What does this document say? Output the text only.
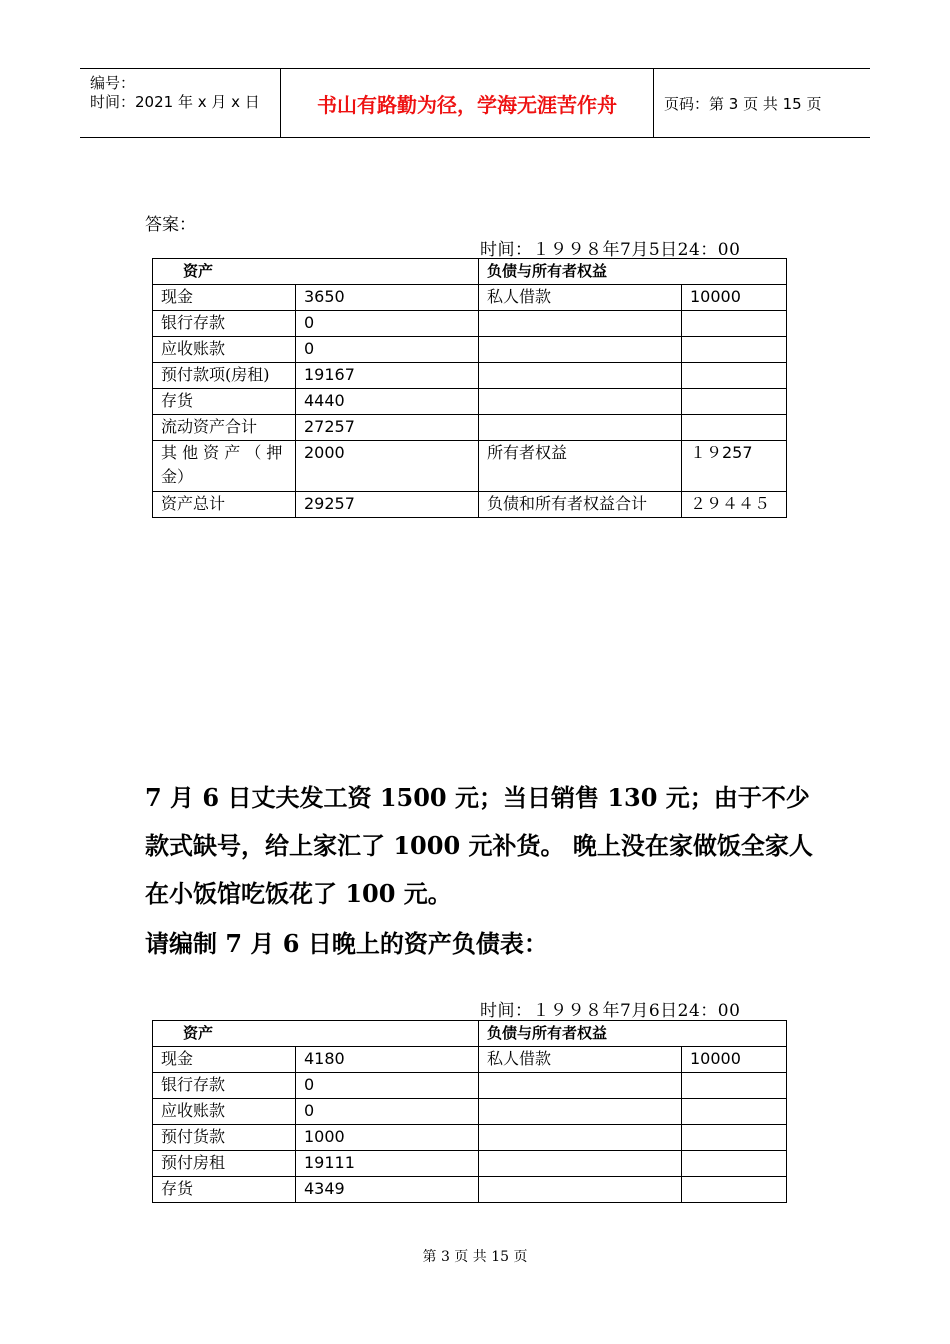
编号：
时间：2021 年 x 月 x 日	书山有路勤为径，学海无涯苦作舟	页码：第 3 页 共 15 页
答案：
时间：１９９８年7月5日24：00
资产		负债与所有者权益	
现金	3650	私人借款	10000
银行存款	0		
应收账款	0		
预付款项(房租)	19167		
存货	4440		
流动资产合计	27257		
其 他 资 产 （ 押 金）	2000	所有者权益	１９257
资产总计	29257	负债和所有者权益合计	２９４４５
7 月 6 日丈夫发工资 1500 元；当日销售 130 元；由于不少款式缺号，给上家汇了 1000 元补货。 晚上没在家做饭全家人在小饭馆吃饭花了 100 元。
请编制 7 月 6 日晚上的资产负债表：
时间：１９９８年7月6日24：00
资产		负债与所有者权益	
现金	4180	私人借款	10000
银行存款	0		
应收账款	0		
预付货款	1000		
预付房租	19111		
存货	4349		
第 3 页 共 15 页
